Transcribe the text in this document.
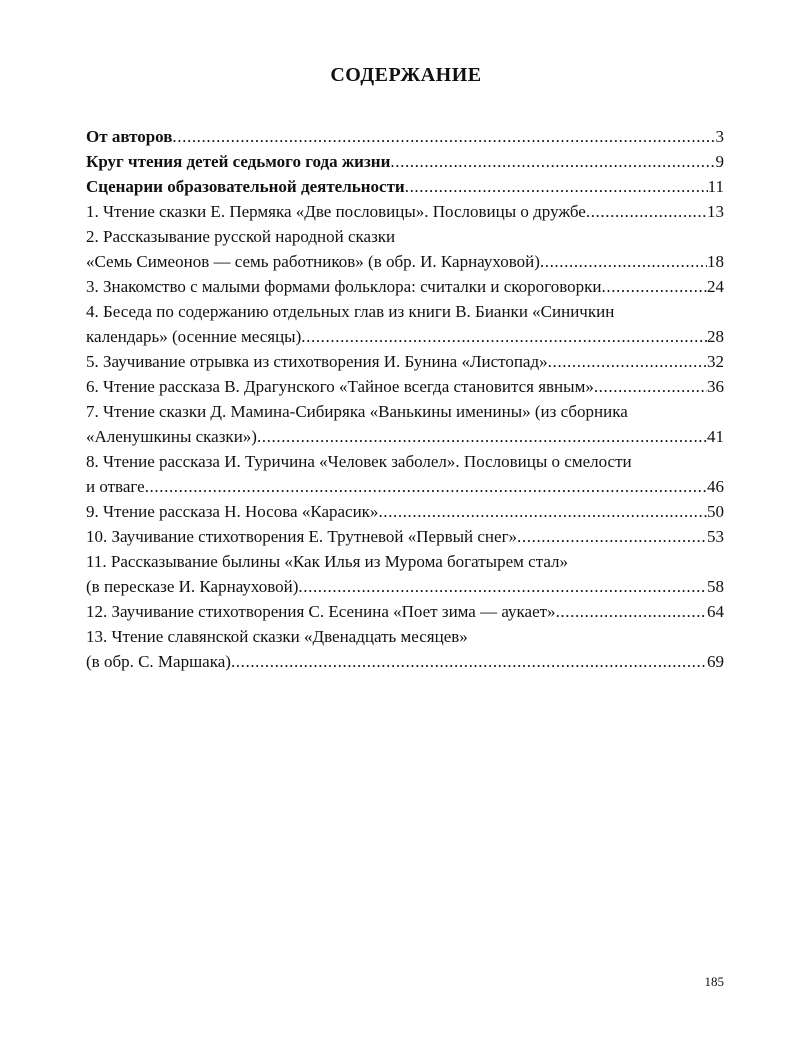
СОДЕРЖАНИЕ
От авторов .....	3
Круг чтения детей седьмого года жизни .....	9
Сценарии образовательной деятельности .....	11
1. Чтение сказки Е. Пермяка «Две пословицы». Пословицы о дружбе .....	13
2. Рассказывание русской народной сказки
«Семь Симеонов — семь работников» (в обр. И. Карнауховой) .....	18
3. Знакомство с малыми формами фольклора: считалки и скороговорки .....	24
4. Беседа по содержанию отдельных глав из книги В. Бианки «Синичкин
календарь» (осенние месяцы) .....	28
5. Заучивание отрывка из стихотворения И. Бунина «Листопад» .....	32
6. Чтение рассказа В. Драгунского «Тайное всегда становится явным» .....	36
7. Чтение сказки Д. Мамина-Сибиряка «Ванькины именины» (из сборника
«Аленушкины сказки») .....	41
8. Чтение рассказа И. Туричина «Человек заболел». Пословицы о смелости
и отваге .....	46
9. Чтение рассказа Н. Носова «Карасик» .....	50
10. Заучивание стихотворения Е. Трутневой «Первый снег» .....	53
11. Рассказывание былины «Как Илья из Мурома богатырем стал»
(в пересказе И. Карнауховой) .....	58
12. Заучивание стихотворения С. Есенина «Поет зима — аукает» .....	64
13. Чтение славянской сказки «Двенадцать месяцев»
(в обр. С. Маршака) .....	69
185
